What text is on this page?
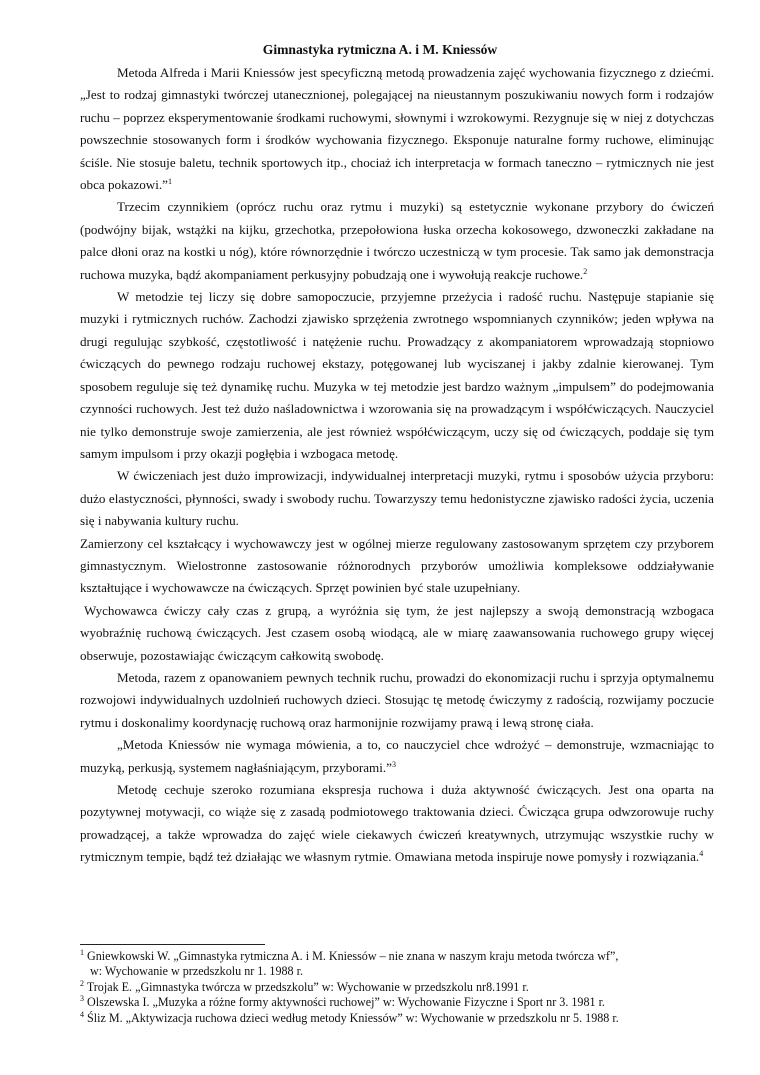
Gimnastyka rytmiczna A. i M. Kniessów

Metoda Alfreda i Marii Kniessów jest specyficzną metodą prowadzenia zajęć wychowania fizycznego z dziećmi. „Jest to rodzaj gimnastyki twórczej utanecznionej, polegającej na nieustannym poszukiwaniu nowych form i rodzajów ruchu – poprzez eksperymentowanie środkami ruchowymi, słownymi i wzrokowymi. Rezygnuje się w niej z dotychczas powszechnie stosowanych form i środków wychowania fizycznego. Eksponuje naturalne formy ruchowe, eliminując ściśle. Nie stosuje baletu, technik sportowych itp., chociaż ich interpretacja w formach taneczno – rytmicznych nie jest obca pokazowi.”$^1$

Trzecim czynnikiem (oprócz ruchu oraz rytmu i muzyki) są estetycznie wykonane przybory do ćwiczeń (podwójny bijak, wstążki na kijku, grzechotka, przepołowiona łuska orzecha kokosowego, dzwoneczki zakładane na palce dłoni oraz na kostki u nóg), które równorzędnie i twórczo uczestniczą w tym procesie. Tak samo jak demonstracja ruchowa muzyka, bądź akompaniament perkusyjny pobudzają one i wywołują reakcje ruchowe.$^2$

W metodzie tej liczy się dobre samopoczucie, przyjemne przeżycia i radość ruchu. Następuje stapianie się muzyki i rytmicznych ruchów. Zachodzi zjawisko sprzężenia zwrotnego wspomnianych czynników; jeden wpływa na drugi regulując szybkość, częstotliwość i natężenie ruchu. Prowadzący z akompaniatorem wprowadzają stopniowo ćwiczących do pewnego rodzaju ruchowej ekstazy, potęgowanej lub wyciszanej i jakby zdalnie kierowanej. Tym sposobem reguluje się też dynamikę ruchu. Muzyka w tej metodzie jest bardzo ważnym „impulsem” do podejmowania czynności ruchowych. Jest też dużo naśladownictwa i wzorowania się na prowadzącym i współćwiczących. Nauczyciel nie tylko demonstruje swoje zamierzenia, ale jest również współćwiczącym, uczy się od ćwiczących, poddaje się tym samym impulsom i przy okazji pogłębia i wzbogaca metodę.

W ćwiczeniach jest dużo improwizacji, indywidualnej interpretacji muzyki, rytmu i sposobów użycia przyboru: dużo elastyczności, płynności, swady i swobody ruchu. Towarzyszy temu hedonistyczne zjawisko radości życia, uczenia się i nabywania kultury ruchu.

Zamierzony cel kształcący i wychowawczy jest w ogólnej mierze regulowany zastosowanym sprzętem czy przyborem gimnastycznym. Wielostronne zastosowanie różnorodnych przyborów umożliwia kompleksowe oddziaływanie kształtujące i wychowawcze na ćwiczących. Sprzęt powinien być stale uzupełniany.

Wychowawca ćwiczy cały czas z grupą, a wyróżnia się tym, że jest najlepszy a swoją demonstracją wzbogaca wyobraźnię ruchową ćwiczących. Jest czasem osobą wiodącą, ale w miarę zaawansowania ruchowego grupy więcej obserwuje, pozostawiając ćwiczącym całkowitą swobodę.

Metoda, razem z opanowaniem pewnych technik ruchu, prowadzi do ekonomizacji ruchu i sprzyja optymalnemu rozwojowi indywidualnych uzdolnień ruchowych dzieci. Stosując tę metodę ćwiczymy z radością, rozwijamy poczucie rytmu i doskonalimy koordynację ruchową oraz harmonijnie rozwijamy prawą i lewą stronę ciała.

„Metoda Kniessów nie wymaga mówienia, a to, co nauczyciel chce wdrożyć – demonstruje, wzmacniając to muzyką, perkusją, systemem nagłaśniającym, przyborami.”$^3$

Metodę cechuje szeroko rozumiana ekspresja ruchowa i duża aktywność ćwiczących. Jest ona oparta na pozytywnej motywacji, co wiąże się z zasadą podmiotowego traktowania dzieci. Ćwicząca grupa odwzorowuje ruchy prowadzącej, a także wprowadza do zajęć wiele ciekawych ćwiczeń kreatywnych, utrzymując wszystkie ruchy w rytmicznym tempie, bądź też działając we własnym rytmie. Omawiana metoda inspiruje nowe pomysły i rozwiązania.$^4$

$^1$ Gniewkowski W. „Gimnastyka rytmiczna A. i M. Kniessów – nie znana w naszym kraju metoda twórcza wf”,
w: Wychowanie w przedszkolu nr 1. 1988 r.

$^2$ Trojak E. „Gimnastyka twórcza w przedszkolu” w: Wychowanie w przedszkolu nr8.1991 r.

$^3$ Olszewska I. „Muzyka a różne formy aktywności ruchowej” w: Wychowanie Fizyczne i Sport nr 3. 1981 r.

$^4$ Śliz M. „Aktywizacja ruchowa dzieci według metody Kniessów” w: Wychowanie w przedszkolu nr 5. 1988 r.
